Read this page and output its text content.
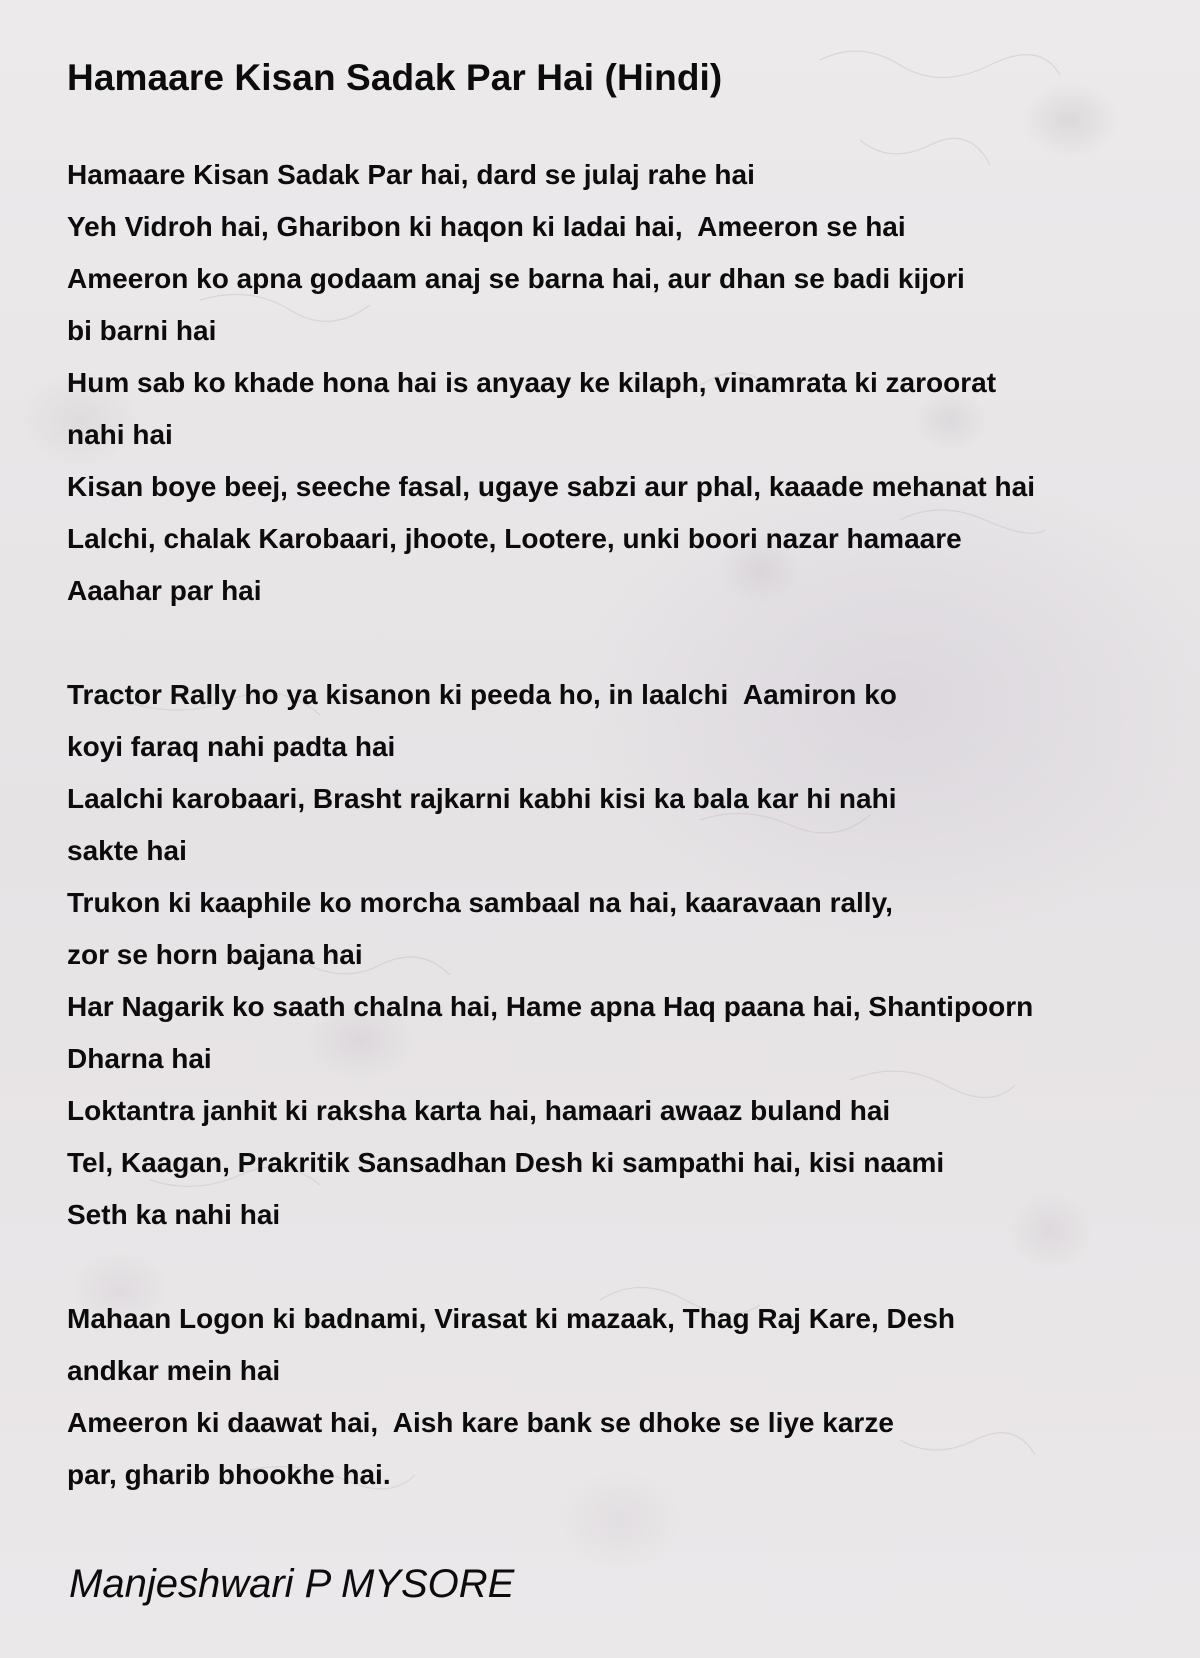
Hamaare Kisan Sadak Par Hai (Hindi)
Hamaare Kisan Sadak Par hai, dard se julaj rahe hai
Yeh Vidroh hai, Gharibon ki haqon ki ladai hai,  Ameeron se hai
Ameeron ko apna godaam anaj se barna hai, aur dhan se badi kijori
bi barni hai
Hum sab ko khade hona hai is anyaay ke kilaph, vinamrata ki zaroorat
nahi hai
Kisan boye beej, seeche fasal, ugaye sabzi aur phal, kaaade mehanat hai
Lalchi, chalak Karobaari, jhoote, Lootere, unki boori nazar hamaare
Aaahar par hai
Tractor Rally ho ya kisanon ki peeda ho, in laalchi  Aamiron ko
koyi faraq nahi padta hai
Laalchi karobaari, Brasht rajkarni kabhi kisi ka bala kar hi nahi
sakte hai
Trukon ki kaaphile ko morcha sambaal na hai, kaaravaan rally,
zor se horn bajana hai
Har Nagarik ko saath chalna hai, Hame apna Haq paana hai, Shantipoorn
Dharna hai
Loktantra janhit ki raksha karta hai, hamaari awaaz buland hai
Tel, Kaagan, Prakritik Sansadhan Desh ki sampathi hai, kisi naami
Seth ka nahi hai
Mahaan Logon ki badnami, Virasat ki mazaak, Thag Raj Kare, Desh
andkar mein hai
Ameeron ki daawat hai,  Aish kare bank se dhoke se liye karze
par, gharib bhookhe hai.

Manjeshwari P MYSORE
